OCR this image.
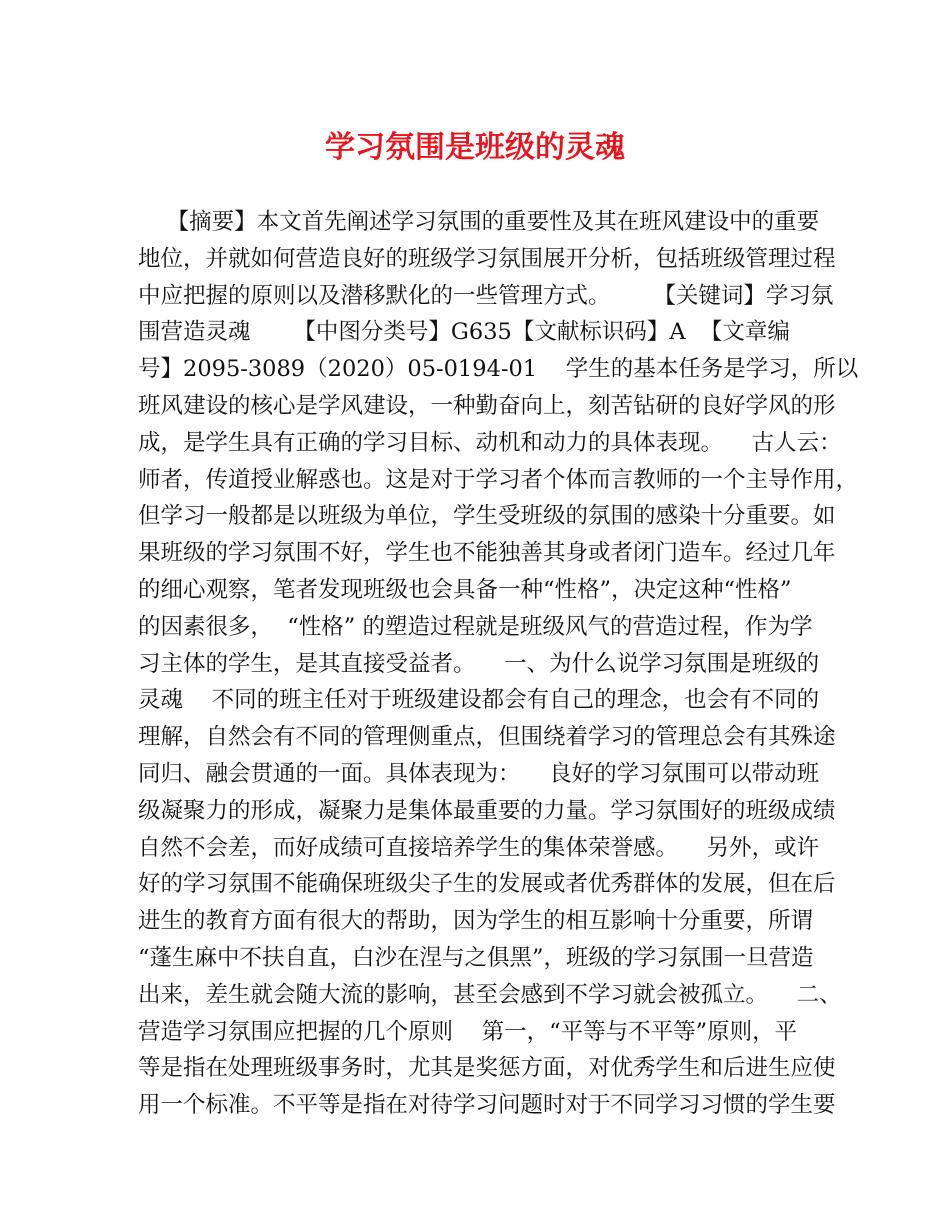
学习氛围是班级的灵魂
【摘要】本文首先阐述学习氛围的重要性及其在班风建设中的重要
地位，并就如何营造良好的班级学习氛围展开分析，包括班级管理过程
中应把握的原则以及潜移默化的一些管理方式。      【关键词】学习氛
围营造灵魂      【中图分类号】G635【文献标识码】A  【文章编
号】2095-3089（2020）05-0194-01    学生的基本任务是学习，所以
班风建设的核心是学风建设，一种勤奋向上，刻苦钻研的良好学风的形
成，是学生具有正确的学习目标、动机和动力的具体表现。    古人云：
师者，传道授业解惑也。这是对于学习者个体而言教师的一个主导作用，
但学习一般都是以班级为单位，学生受班级的氛围的感染十分重要。如
果班级的学习氛围不好，学生也不能独善其身或者闭门造车。经过几年
的细心观察，笔者发现班级也会具备一种“性格”，决定这种“性格”
的因素很多，  “性格” 的塑造过程就是班级风气的营造过程，作为学
习主体的学生，是其直接受益者。    一、为什么说学习氛围是班级的
灵魂    不同的班主任对于班级建设都会有自己的理念，也会有不同的
理解，自然会有不同的管理侧重点，但围绕着学习的管理总会有其殊途
同归、融会贯通的一面。具体表现为：    良好的学习氛围可以带动班
级凝聚力的形成，凝聚力是集体最重要的力量。学习氛围好的班级成绩
自然不会差，而好成绩可直接培养学生的集体荣誉感。    另外，或许
好的学习氛围不能确保班级尖子生的发展或者优秀群体的发展，但在后
进生的教育方面有很大的帮助，因为学生的相互影响十分重要，所谓
“蓬生麻中不扶自直，白沙在涅与之俱黑”，班级的学习氛围一旦营造
出来，差生就会随大流的影响，甚至会感到不学习就会被孤立。    二、
营造学习氛围应把握的几个原则    第一，“平等与不平等”原则，平
等是指在处理班级事务时，尤其是奖惩方面，对优秀学生和后进生应使
用一个标准。不平等是指在对待学习问题时对于不同学习习惯的学生要
